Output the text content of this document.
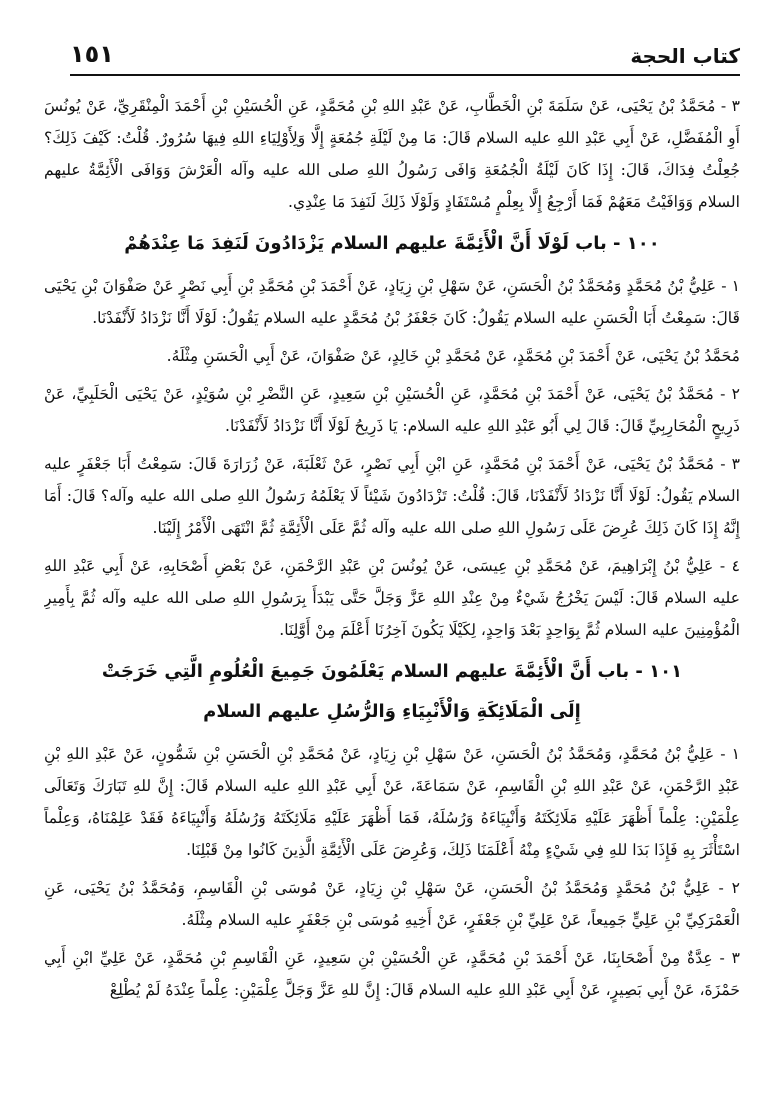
كتاب الحجة
١٥١

٣ - مُحَمَّدُ بْنُ يَحْيَى، عَنْ سَلَمَةَ بْنِ الْخَطَّابِ، عَنْ عَبْدِ اللهِ بْنِ مُحَمَّدٍ، عَنِ الْحُسَيْنِ بْنِ أَحْمَدَ الْمِنْقَرِيِّ، عَنْ يُونُسَ أَوِ الْمُفَضَّلِ، عَنْ أَبِي عَبْدِ اللهِ عليه السلام قَالَ: مَا مِنْ لَيْلَةِ جُمُعَةٍ إِلَّا وَلِأَوْلِيَاءِ اللهِ فِيهَا سُرُورٌ. قُلْتُ: كَيْفَ ذَلِكَ؟ جُعِلْتُ فِدَاكَ، قَالَ: إِذَا كَانَ لَيْلَةُ الْجُمُعَةِ وَافَى رَسُولُ اللهِ صلى الله عليه وآله الْعَرْشَ وَوَافَى الْأَئِمَّةُ عليهم السلام وَوَافَيْتُ مَعَهُمْ فَمَا أَرْجِعُ إِلَّا بِعِلْمٍ مُسْتَفَادٍ وَلَوْلَا ذَلِكَ لَنَفِدَ مَا عِنْدِي.

١٠٠ - باب لَوْلَا أَنَّ الْأَئِمَّةَ عليهم السلام يَزْدَادُونَ لَنَفِدَ مَا عِنْدَهُمْ

١ - عَلِيُّ بْنُ مُحَمَّدٍ وَمُحَمَّدُ بْنُ الْحَسَنِ، عَنْ سَهْلِ بْنِ زِيَادٍ، عَنْ أَحْمَدَ بْنِ مُحَمَّدِ بْنِ أَبِي نَصْرٍ عَنْ صَفْوَانَ بْنِ يَحْيَى قَالَ: سَمِعْتُ أَبَا الْحَسَنِ عليه السلام يَقُولُ: كَانَ جَعْفَرُ بْنُ مُحَمَّدٍ عليه السلام يَقُولُ: لَوْلَا أَنَّا نَزْدَادُ لَأَنْفَدْنَا.

مُحَمَّدُ بْنُ يَحْيَى، عَنْ أَحْمَدَ بْنِ مُحَمَّدٍ، عَنْ مُحَمَّدِ بْنِ خَالِدٍ، عَنْ صَفْوَانَ، عَنْ أَبِي الْحَسَنِ مِثْلَهُ.

٢ - مُحَمَّدُ بْنُ يَحْيَى، عَنْ أَحْمَدَ بْنِ مُحَمَّدٍ، عَنِ الْحُسَيْنِ بْنِ سَعِيدٍ، عَنِ النَّضْرِ بْنِ سُوَيْدٍ، عَنْ يَحْيَى الْحَلَبِيِّ، عَنْ ذَرِيحٍ الْمُحَارِبِيِّ قَالَ: قَالَ لِي أَبُو عَبْدِ اللهِ عليه السلام: يَا ذَرِيحُ لَوْلَا أَنَّا نَزْدَادُ لَأَنْفَدْنَا.

٣ - مُحَمَّدُ بْنُ يَحْيَى، عَنْ أَحْمَدَ بْنِ مُحَمَّدٍ، عَنِ ابْنِ أَبِي نَصْرٍ، عَنْ ثَعْلَبَةَ، عَنْ زُرَارَةَ قَالَ: سَمِعْتُ أَبَا جَعْفَرٍ عليه السلام يَقُولُ: لَوْلَا أَنَّا نَزْدَادُ لَأَنْفَدْنَا، قَالَ: قُلْتُ: تَزْدَادُونَ شَيْئاً لَا يَعْلَمُهُ رَسُولُ اللهِ صلى الله عليه وآله؟ قَالَ: أَمَا إِنَّهُ إِذَا كَانَ ذَلِكَ عُرِضَ عَلَى رَسُولِ اللهِ صلى الله عليه وآله ثُمَّ عَلَى الْأَئِمَّةِ ثُمَّ انْتَهَى الْأَمْرُ إِلَيْنَا.

٤ - عَلِيُّ بْنُ إِبْرَاهِيمَ، عَنْ مُحَمَّدِ بْنِ عِيسَى، عَنْ يُونُسَ بْنِ عَبْدِ الرَّحْمَنِ، عَنْ بَعْضِ أَصْحَابِهِ، عَنْ أَبِي عَبْدِ اللهِ عليه السلام قَالَ: لَيْسَ يَخْرُجُ شَيْءٌ مِنْ عِنْدِ اللهِ عَزَّ وَجَلَّ حَتَّى يَبْدَأَ بِرَسُولِ اللهِ صلى الله عليه وآله ثُمَّ بِأَمِيرِ الْمُؤْمِنِينَ عليه السلام ثُمَّ بِوَاحِدٍ بَعْدَ وَاحِدٍ، لِكَيْلَا يَكُونَ آخِرُنَا أَعْلَمَ مِنْ أَوَّلِنَا.

١٠١ - باب أَنَّ الْأَئِمَّةَ عليهم السلام يَعْلَمُونَ جَمِيعَ الْعُلُومِ الَّتِي خَرَجَتْ
إِلَى الْمَلَائِكَةِ وَالْأَنْبِيَاءِ وَالرُّسُلِ عليهم السلام

١ - عَلِيُّ بْنُ مُحَمَّدٍ، وَمُحَمَّدُ بْنُ الْحَسَنِ، عَنْ سَهْلِ بْنِ زِيَادٍ، عَنْ مُحَمَّدِ بْنِ الْحَسَنِ بْنِ شَمُّونٍ، عَنْ عَبْدِ اللهِ بْنِ عَبْدِ الرَّحْمَنِ، عَنْ عَبْدِ اللهِ بْنِ الْقَاسِمِ، عَنْ سَمَاعَةَ، عَنْ أَبِي عَبْدِ اللهِ عليه السلام قَالَ: إِنَّ للهِ تَبَارَكَ وَتَعَالَى عِلْمَيْنِ: عِلْماً أَظْهَرَ عَلَيْهِ مَلَائِكَتَهُ وَأَنْبِيَاءَهُ وَرُسُلَهُ، فَمَا أَظْهَرَ عَلَيْهِ مَلَائِكَتَهُ وَرُسُلَهُ وَأَنْبِيَاءَهُ فَقَدْ عَلِمْنَاهُ، وَعِلْماً اسْتَأْثَرَ بِهِ فَإِذَا بَدَا للهِ فِي شَيْءٍ مِنْهُ أَعْلَمَنَا ذَلِكَ، وَعُرِضَ عَلَى الْأَئِمَّةِ الَّذِينَ كَانُوا مِنْ قَبْلِنَا.

٢ - عَلِيُّ بْنُ مُحَمَّدٍ وَمُحَمَّدُ بْنُ الْحَسَنِ، عَنْ سَهْلِ بْنِ زِيَادٍ، عَنْ مُوسَى بْنِ الْقَاسِمِ، وَمُحَمَّدُ بْنُ يَحْيَى، عَنِ الْعَمْرَكِيِّ بْنِ عَلِيٍّ جَمِيعاً، عَنْ عَلِيِّ بْنِ جَعْفَرٍ، عَنْ أَخِيهِ مُوسَى بْنِ جَعْفَرٍ عليه السلام مِثْلَهُ.

٣ - عِدَّةٌ مِنْ أَصْحَابِنَا، عَنْ أَحْمَدَ بْنِ مُحَمَّدٍ، عَنِ الْحُسَيْنِ بْنِ سَعِيدٍ، عَنِ الْقَاسِمِ بْنِ مُحَمَّدٍ، عَنْ عَلِيِّ ابْنِ أَبِي حَمْزَةَ، عَنْ أَبِي بَصِيرٍ، عَنْ أَبِي عَبْدِ اللهِ عليه السلام قَالَ: إِنَّ للهِ عَزَّ وَجَلَّ عِلْمَيْنِ: عِلْماً عِنْدَهُ لَمْ يُطْلِعْ
